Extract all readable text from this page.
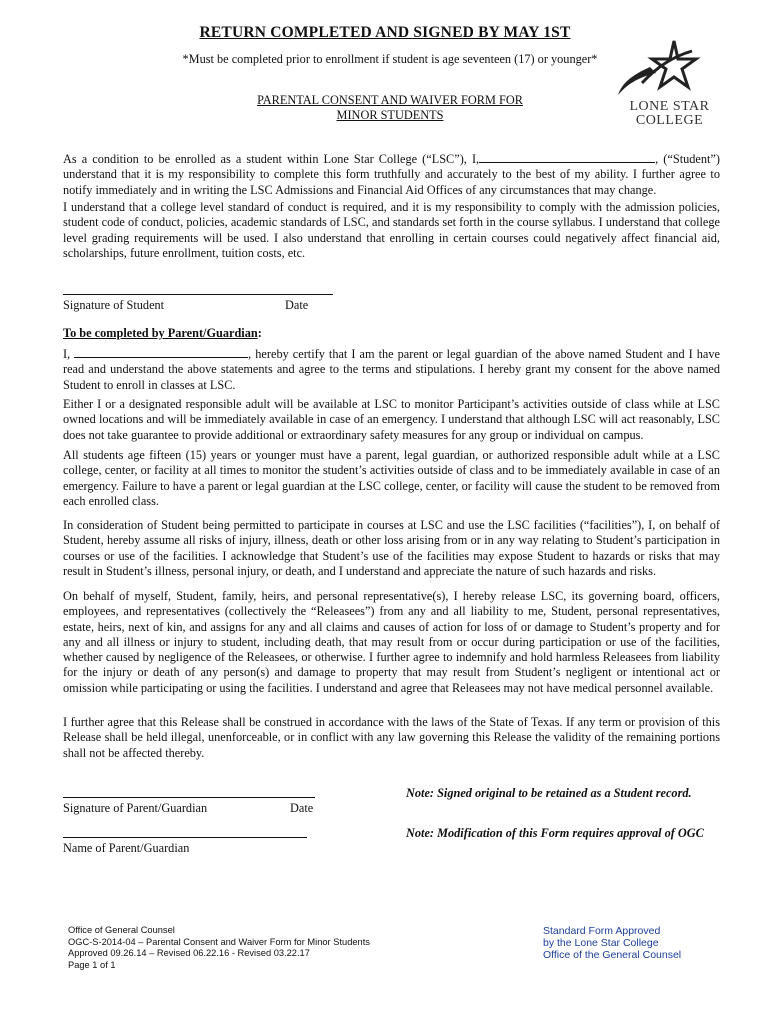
RETURN COMPLETED AND SIGNED BY MAY 1ST
*Must be completed prior to enrollment if student is age seventeen (17) or younger*
PARENTAL CONSENT AND WAIVER FORM FOR
MINOR STUDENTS
LONE STAR
COLLEGE

As a condition to be enrolled as a student within Lone Star College (“LSC”), I,	, (“Student”) understand that it is my responsibility to complete this form truthfully and accurately to the best of my ability. I further agree to notify immediately and in writing the LSC Admissions and Financial Aid Offices of any circumstances that may change.

I understand that a college level standard of conduct is required, and it is my responsibility to comply with the admission policies, student code of conduct, policies, academic standards of LSC, and standards set forth in the course syllabus. I understand that college level grading requirements will be used. I also understand that enrolling in certain courses could negatively affect financial aid, scholarships, future enrollment, tuition costs, etc.

Signature of Student	Date
To be completed by Parent/Guardian:

I,	, hereby certify that I am the parent or legal guardian of the above named Student and I have read and understand the above statements and agree to the terms and stipulations. I hereby grant my consent for the above named Student to enroll in classes at LSC.

Either I or a designated responsible adult will be available at LSC to monitor Participant’s activities outside of class while at LSC owned locations and will be immediately available in case of an emergency. I understand that although LSC will act reasonably, LSC does not take guarantee to provide additional or extraordinary safety measures for any group or individual on campus.

All students age fifteen (15) years or younger must have a parent, legal guardian, or authorized responsible adult while at a LSC college, center, or facility at all times to monitor the student’s activities outside of class and to be immediately available in case of an emergency. Failure to have a parent or legal guardian at the LSC college, center, or facility will cause the student to be removed from each enrolled class.

In consideration of Student being permitted to participate in courses at LSC and use the LSC facilities (“facilities”), I, on behalf of Student, hereby assume all risks of injury, illness, death or other loss arising from or in any way relating to Student’s participation in courses or use of the facilities. I acknowledge that Student’s use of the facilities may expose Student to hazards or risks that may result in Student’s illness, personal injury, or death, and I understand and appreciate the nature of such hazards and risks.

On behalf of myself, Student, family, heirs, and personal representative(s), I hereby release LSC, its governing board, officers, employees, and representatives (collectively the “Releasees”) from any and all liability to me, Student, personal representatives, estate, heirs, next of kin, and assigns for any and all claims and causes of action for loss of or damage to Student’s property and for any and all illness or injury to student, including death, that may result from or occur during participation or use of the facilities, whether caused by negligence of the Releasees, or otherwise. I further agree to indemnify and hold harmless Releasees from liability for the injury or death of any person(s) and damage to property that may result from Student’s negligent or intentional act or omission while participating or using the facilities. I understand and agree that Releasees may not have medical personnel available.

I further agree that this Release shall be construed in accordance with the laws of the State of Texas. If any term or provision of this Release shall be held illegal, unenforceable, or in conflict with any law governing this Release the validity of the remaining portions shall not be affected thereby.

Signature of Parent/Guardian	Date
Note: Signed original to be retained as a Student record.
Note: Modification of this Form requires approval of OGC
Name of Parent/Guardian
Office of General Counsel
OGC-S-2014-04 – Parental Consent and Waiver Form for Minor Students
Approved 09.26.14 – Revised 06.22.16 - Revised 03.22.17
Page 1 of 1
Standard Form Approved
by the Lone Star College
Office of the General Counsel
